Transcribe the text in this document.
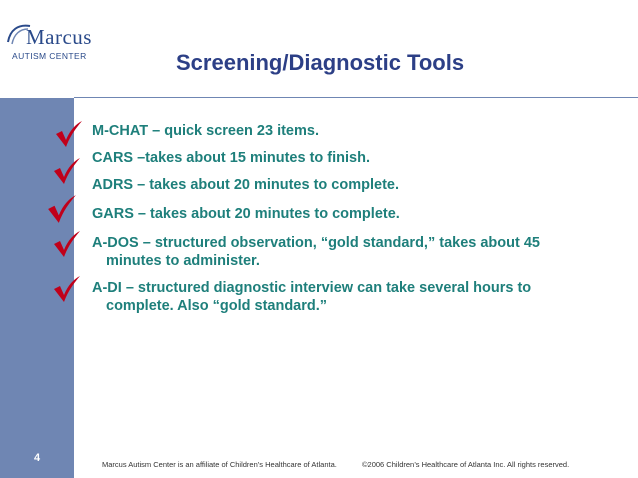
Marcus
AUTISM CENTER	Screening/Diagnostic Tools
M-CHAT – quick screen 23 items.
CARS –takes about 15 minutes to finish.
ADRS – takes about 20 minutes to complete.
GARS – takes about 20 minutes to complete.
A-DOS – structured observation, “gold standard,” takes about 45
minutes to administer.
A-DI – structured diagnostic interview can take several hours to
complete. Also “gold standard.”
4
Marcus Autism Center is an affiliate of Children’s Healthcare of Atlanta.	©2006 Children’s Healthcare of Atlanta Inc. All rights reserved.
